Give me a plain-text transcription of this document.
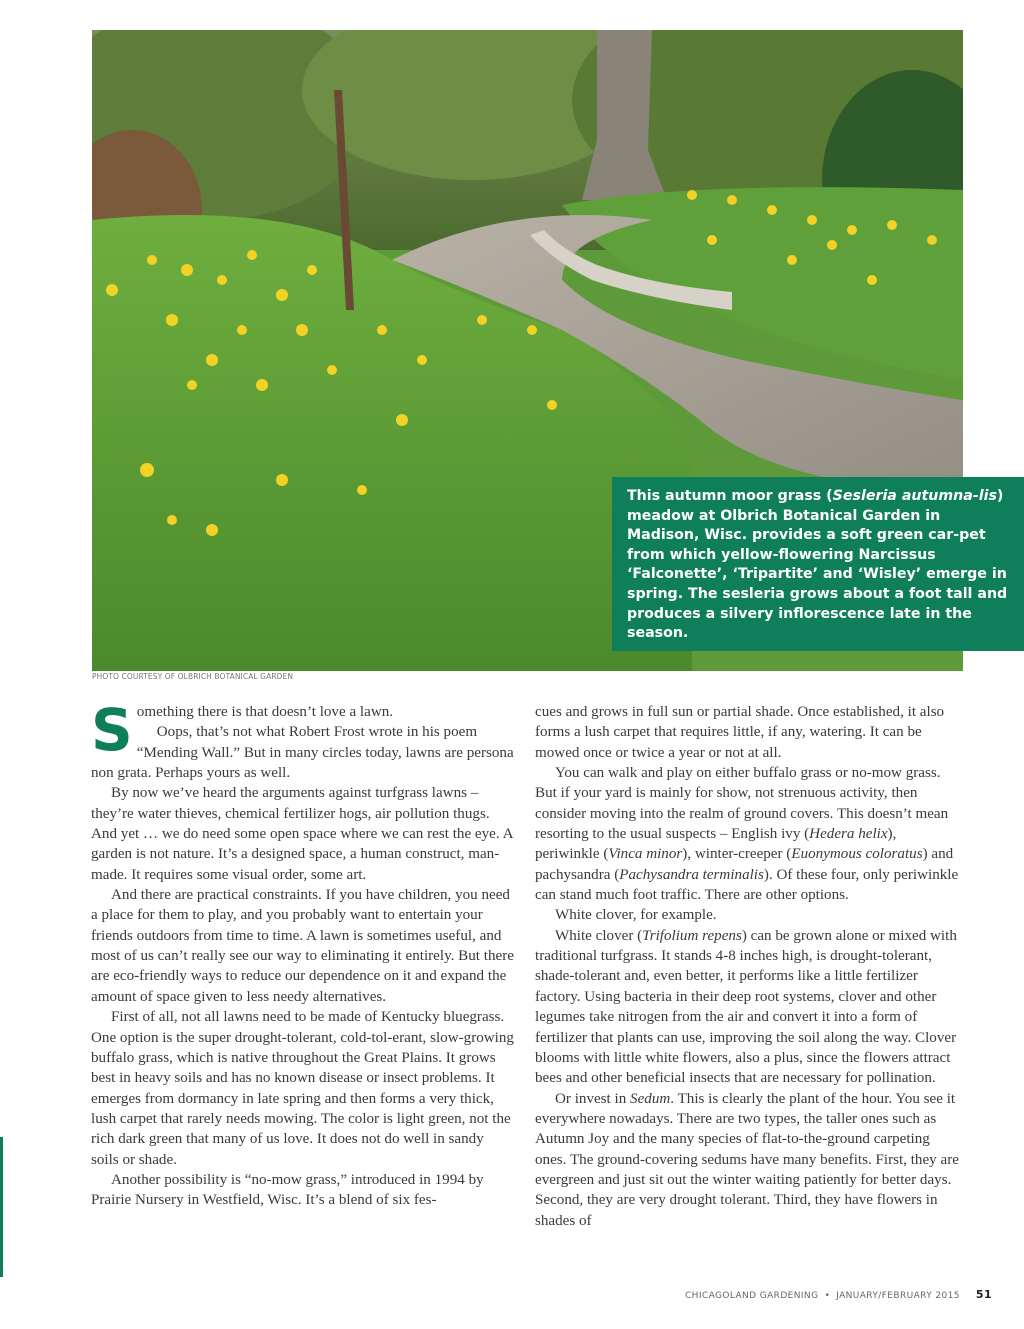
This autumn moor grass (Sesleria autumna-lis) meadow at Olbrich Botanical Garden in Madison, Wisc. provides a soft green car-pet from which yellow-flowering Narcissus ‘Falconette’, ‘Tripartite’ and ‘Wisley’ emerge in spring. The sesleria grows about a foot tall and produces a silvery inflorescence late in the season.

PHOTO COURTESY OF OLBRICH BOTANICAL GARDEN

Something there is that doesn’t love a lawn.

Oops, that’s not what Robert Frost wrote in his poem “Mending Wall.” But in many circles today, lawns are persona non grata. Perhaps yours as well.

By now we’ve heard the arguments against turfgrass lawns – they’re water thieves, chemical fertilizer hogs, air pollution thugs. And yet … we do need some open space where we can rest the eye. A garden is not nature. It’s a designed space, a human construct, man-made. It requires some visual order, some art.

And there are practical constraints. If you have children, you need a place for them to play, and you probably want to entertain your friends outdoors from time to time. A lawn is sometimes useful, and most of us can’t really see our way to eliminating it entirely. But there are eco-friendly ways to reduce our dependence on it and expand the amount of space given to less needy alternatives.

First of all, not all lawns need to be made of Kentucky bluegrass. One option is the super drought-tolerant, cold-tol-erant, slow-growing buffalo grass, which is native throughout the Great Plains. It grows best in heavy soils and has no known disease or insect problems. It emerges from dormancy in late spring and then forms a very thick, lush carpet that rarely needs mowing. The color is light green, not the rich dark green that many of us love. It does not do well in sandy soils or shade.

Another possibility is “no-mow grass,” introduced in 1994 by Prairie Nursery in Westfield, Wisc. It’s a blend of six fes-

cues and grows in full sun or partial shade. Once established, it also forms a lush carpet that requires little, if any, watering. It can be mowed once or twice a year or not at all.

You can walk and play on either buffalo grass or no-mow grass. But if your yard is mainly for show, not strenuous activity, then consider moving into the realm of ground covers. This doesn’t mean resorting to the usual suspects – English ivy (Hedera helix), periwinkle (Vinca minor), winter-creeper (Euonymous coloratus) and pachysandra (Pachysandra terminalis). Of these four, only periwinkle can stand much foot traffic. There are other options.

White clover, for example.

White clover (Trifolium repens) can be grown alone or mixed with traditional turfgrass. It stands 4-8 inches high, is drought-tolerant, shade-tolerant and, even better, it performs like a little fertilizer factory. Using bacteria in their deep root systems, clover and other legumes take nitrogen from the air and convert it into a form of fertilizer that plants can use, improving the soil along the way. Clover blooms with little white flowers, also a plus, since the flowers attract bees and other beneficial insects that are necessary for pollination.

Or invest in Sedum. This is clearly the plant of the hour. You see it everywhere nowadays. There are two types, the taller ones such as Autumn Joy and the many species of flat-to-the-ground carpeting ones. The ground-covering sedums have many benefits. First, they are evergreen and just sit out the winter waiting patiently for better days. Second, they are very drought tolerant. Third, they have flowers in shades of

CHICAGOLAND GARDENING • JANUARY/FEBRUARY 2015 51
